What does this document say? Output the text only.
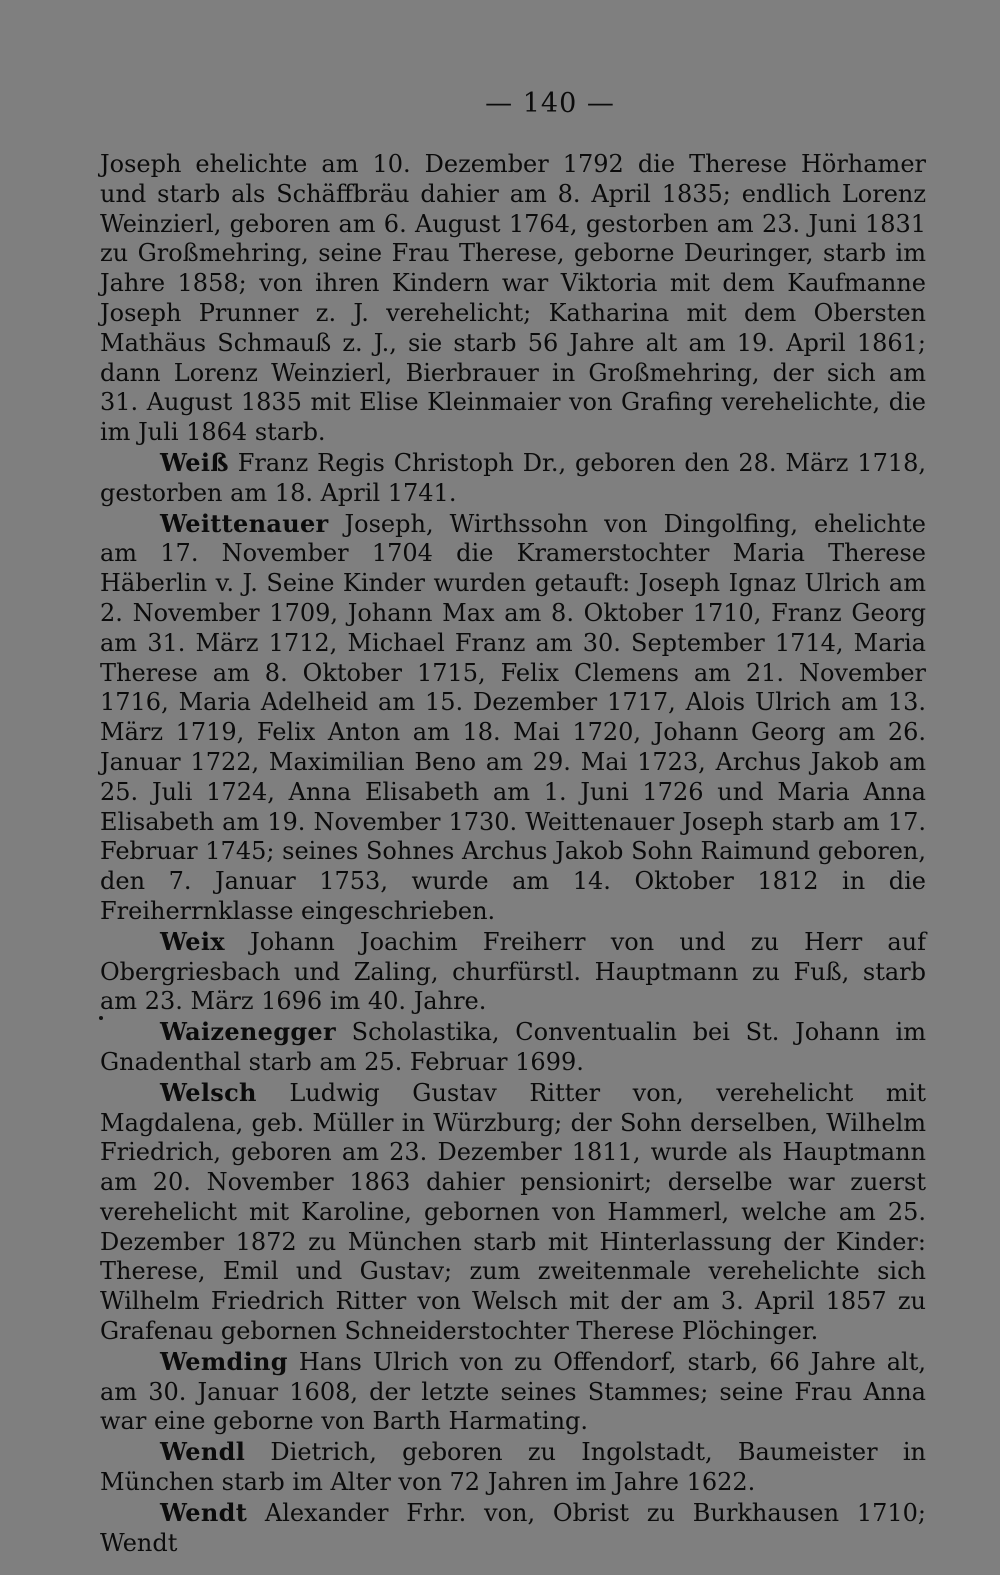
— 140 —

Joseph ehelichte am 10. Dezember 1792 die Therese Hörhamer und starb als Schäffbräu dahier am 8. April 1835; endlich Lorenz Weinzierl, geboren am 6. August 1764, gestorben am 23. Juni 1831 zu Großmehring, seine Frau Therese, geborne Deuringer, starb im Jahre 1858; von ihren Kindern war Viktoria mit dem Kaufmanne Joseph Prunner z. J. verehelicht; Katharina mit dem Obersten Mathäus Schmauß z. J., sie starb 56 Jahre alt am 19. April 1861; dann Lorenz Weinzierl, Bierbrauer in Großmehring, der sich am 31. August 1835 mit Elise Kleinmaier von Grafing verehelichte, die im Juli 1864 starb.

Weiß Franz Regis Christoph Dr., geboren den 28. März 1718, gestorben am 18. April 1741.

Weittenauer Joseph, Wirthssohn von Dingolfing, ehelichte am 17. November 1704 die Kramerstochter Maria Therese Häberlin v. J. Seine Kinder wurden getauft: Joseph Ignaz Ulrich am 2. November 1709, Johann Max am 8. Oktober 1710, Franz Georg am 31. März 1712, Michael Franz am 30. September 1714, Maria Therese am 8. Oktober 1715, Felix Clemens am 21. November 1716, Maria Adelheid am 15. Dezember 1717, Alois Ulrich am 13. März 1719, Felix Anton am 18. Mai 1720, Johann Georg am 26. Januar 1722, Maximilian Beno am 29. Mai 1723, Archus Jakob am 25. Juli 1724, Anna Elisabeth am 1. Juni 1726 und Maria Anna Elisabeth am 19. November 1730. Weittenauer Joseph starb am 17. Februar 1745; seines Sohnes Archus Jakob Sohn Raimund geboren, den 7. Januar 1753, wurde am 14. Oktober 1812 in die Freiherrnklasse eingeschrieben.

Weix Johann Joachim Freiherr von und zu Herr auf Obergriesbach und Zaling, churfürstl. Hauptmann zu Fuß, starb am 23. März 1696 im 40. Jahre.

Waizenegger Scholastika, Conventualin bei St. Johann im Gnadenthal starb am 25. Februar 1699.

Welsch Ludwig Gustav Ritter von, verehelicht mit Magdalena, geb. Müller in Würzburg; der Sohn derselben, Wilhelm Friedrich, geboren am 23. Dezember 1811, wurde als Hauptmann am 20. November 1863 dahier pensionirt; derselbe war zuerst verehelicht mit Karoline, gebornen von Hammerl, welche am 25. Dezember 1872 zu München starb mit Hinterlassung der Kinder: Therese, Emil und Gustav; zum zweitenmale verehelichte sich Wilhelm Friedrich Ritter von Welsch mit der am 3. April 1857 zu Grafenau gebornen Schneiderstochter Therese Plöchinger.

Wemding Hans Ulrich von zu Offendorf, starb, 66 Jahre alt, am 30. Januar 1608, der letzte seines Stammes; seine Frau Anna war eine geborne von Barth Harmating.

Wendl Dietrich, geboren zu Ingolstadt, Baumeister in München starb im Alter von 72 Jahren im Jahre 1622.

Wendt Alexander Frhr. von, Obrist zu Burkhausen 1710; Wendt
